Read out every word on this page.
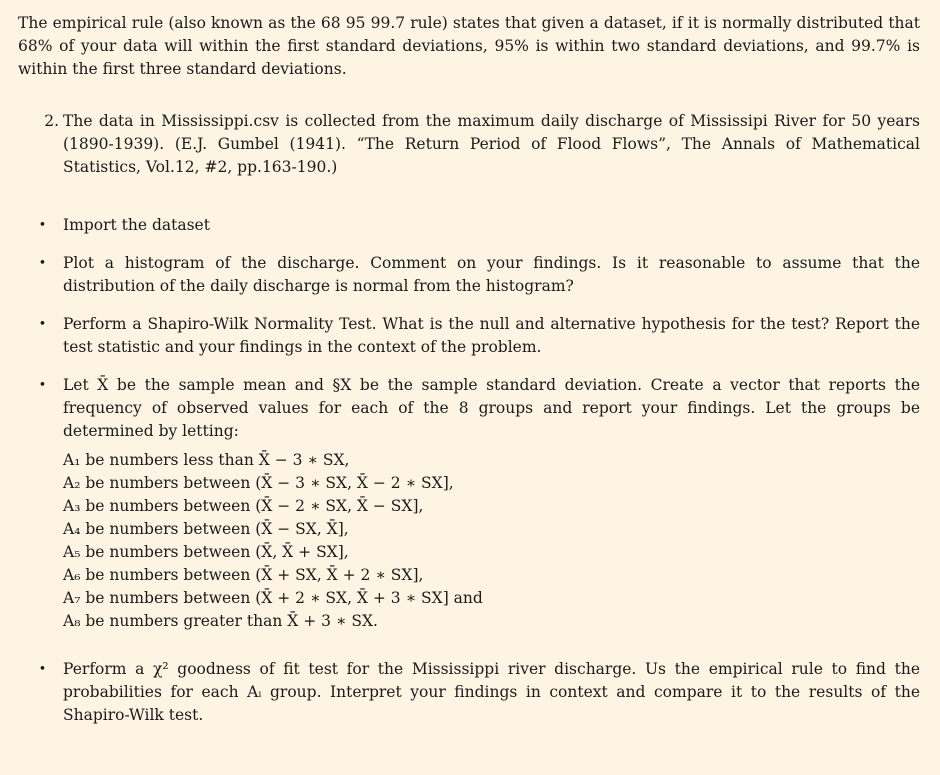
The empirical rule (also known as the 68 95 99.7 rule) states that given a dataset, if it is normally distributed that 68% of your data will within the first standard deviations, 95% is within two standard deviations, and 99.7% is within the first three standard deviations.

2. The data in Mississippi.csv is collected from the maximum daily discharge of Mississipi River for 50 years (1890-1939). (E.J. Gumbel (1941). “The Return Period of Flood Flows”, The Annals of Mathematical Statistics, Vol.12, #2, pp.163-190.)
•	Import the dataset
•	Plot a histogram of the discharge. Comment on your findings. Is it reasonable to assume that the distribution of the daily discharge is normal from the histogram?
•	Perform a Shapiro-Wilk Normality Test. What is the null and alternative hypothesis for the test? Report the test statistic and your findings in the context of the problem.
•	Let X̄ be the sample mean and §X be the sample standard deviation. Create a vector that reports the frequency of observed values for each of the 8 groups and report your findings. Let the groups be determined by letting:

A₁ be numbers less than X̄ − 3 ∗ SX,
A₂ be numbers between (X̄ − 3 ∗ SX, X̄ − 2 ∗ SX],
A₃ be numbers between (X̄ − 2 ∗ SX, X̄ − SX],
A₄ be numbers between (X̄ − SX, X̄],
A₅ be numbers between (X̄, X̄ + SX],
A₆ be numbers between (X̄ + SX, X̄ + 2 ∗ SX],
A₇ be numbers between (X̄ + 2 ∗ SX, X̄ + 3 ∗ SX] and
A₈ be numbers greater than X̄ + 3 ∗ SX.
•	Perform a χ² goodness of fit test for the Mississippi river discharge. Us the empirical rule to find the probabilities for each Aᵢ group. Interpret your findings in context and compare it to the results of the Shapiro-Wilk test.
